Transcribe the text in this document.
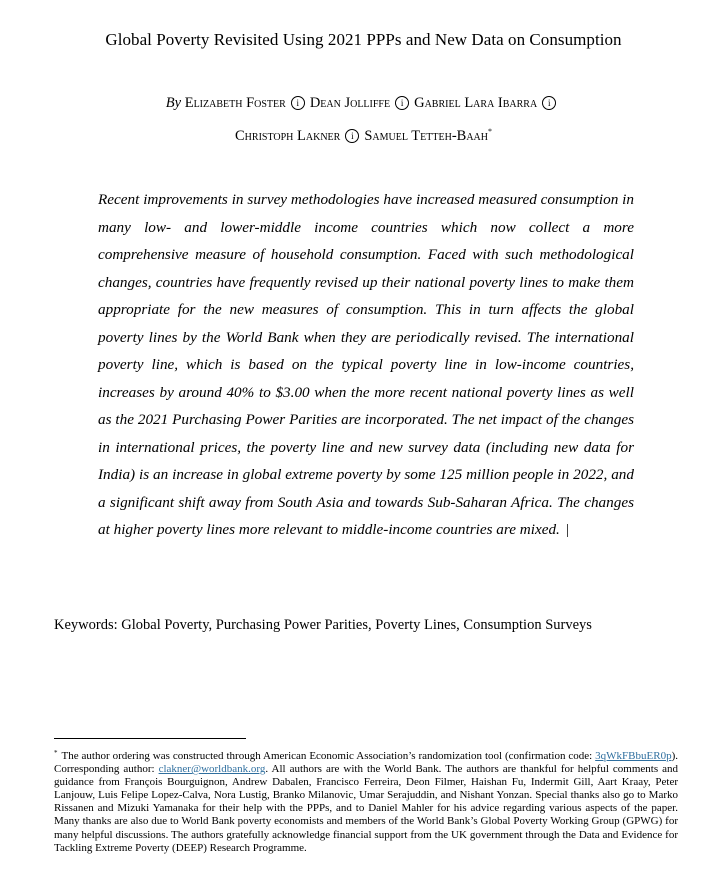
Global Poverty Revisited Using 2021 PPPs and New Data on Consumption
By Elizabeth Foster i Dean Jolliffe i Gabriel Lara Ibarra i
Christoph Lakner i Samuel Tetteh-Baah*

Recent improvements in survey methodologies have increased measured consumption in many low- and lower-middle income countries which now collect a more comprehensive measure of household consumption. Faced with such methodological changes, countries have frequently revised up their national poverty lines to make them appropriate for the new measures of consumption. This in turn affects the global poverty lines by the World Bank when they are periodically revised. The international poverty line, which is based on the typical poverty line in low-income countries, increases by around 40% to $3.00 when the more recent national poverty lines as well as the 2021 Purchasing Power Parities are incorporated. The net impact of the changes in international prices, the poverty line and new survey data (including new data for India) is an increase in global extreme poverty by some 125 million people in 2022, and a significant shift away from South Asia and towards Sub-Saharan Africa. The changes at higher poverty lines more relevant to middle-income countries are mixed. |

Keywords: Global Poverty, Purchasing Power Parities, Poverty Lines, Consumption Surveys

* The author ordering was constructed through American Economic Association’s randomization tool (confirmation code: 3qWkFBbuER0p). Corresponding author: clakner@worldbank.org. All authors are with the World Bank. The authors are thankful for helpful comments and guidance from François Bourguignon, Andrew Dabalen, Francisco Ferreira, Deon Filmer, Haishan Fu, Indermit Gill, Aart Kraay, Peter Lanjouw, Luis Felipe Lopez-Calva, Nora Lustig, Branko Milanovic, Umar Serajuddin, and Nishant Yonzan. Special thanks also go to Marko Rissanen and Mizuki Yamanaka for their help with the PPPs, and to Daniel Mahler for his advice regarding various aspects of the paper. Many thanks are also due to World Bank poverty economists and members of the World Bank’s Global Poverty Working Group (GPWG) for many helpful discussions. The authors gratefully acknowledge financial support from the UK government through the Data and Evidence for Tackling Extreme Poverty (DEEP) Research Programme.
